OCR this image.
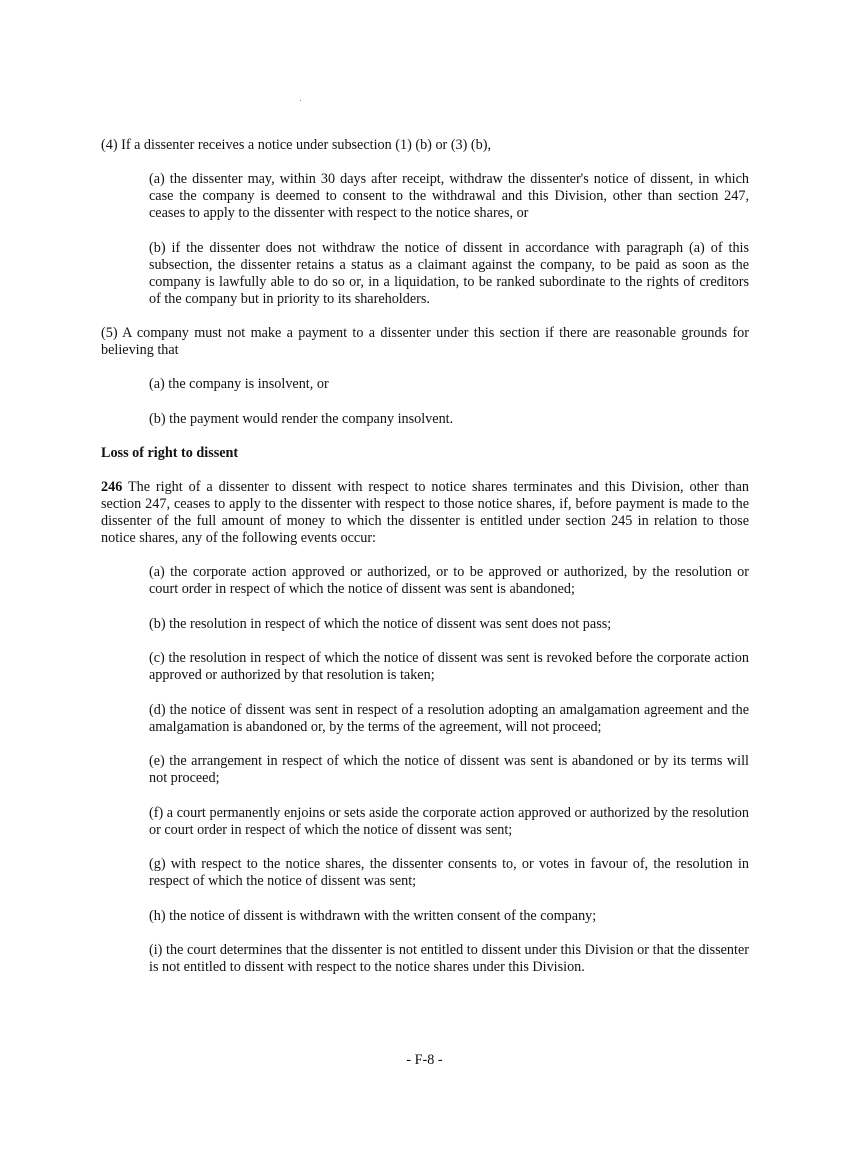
(4) If a dissenter receives a notice under subsection (1) (b) or (3) (b),

(a) the dissenter may, within 30 days after receipt, withdraw the dissenter's notice of dissent, in which case the company is deemed to consent to the withdrawal and this Division, other than section 247, ceases to apply to the dissenter with respect to the notice shares, or

(b) if the dissenter does not withdraw the notice of dissent in accordance with paragraph (a) of this subsection, the dissenter retains a status as a claimant against the company, to be paid as soon as the company is lawfully able to do so or, in a liquidation, to be ranked subordinate to the rights of creditors of the company but in priority to its shareholders.

(5) A company must not make a payment to a dissenter under this section if there are reasonable grounds for believing that

(a) the company is insolvent, or

(b) the payment would render the company insolvent.

Loss of right to dissent

246 The right of a dissenter to dissent with respect to notice shares terminates and this Division, other than section 247, ceases to apply to the dissenter with respect to those notice shares, if, before payment is made to the dissenter of the full amount of money to which the dissenter is entitled under section 245 in relation to those notice shares, any of the following events occur:

(a) the corporate action approved or authorized, or to be approved or authorized, by the resolution or court order in respect of which the notice of dissent was sent is abandoned;

(b) the resolution in respect of which the notice of dissent was sent does not pass;

(c) the resolution in respect of which the notice of dissent was sent is revoked before the corporate action approved or authorized by that resolution is taken;

(d) the notice of dissent was sent in respect of a resolution adopting an amalgamation agreement and the amalgamation is abandoned or, by the terms of the agreement, will not proceed;

(e) the arrangement in respect of which the notice of dissent was sent is abandoned or by its terms will not proceed;

(f) a court permanently enjoins or sets aside the corporate action approved or authorized by the resolution or court order in respect of which the notice of dissent was sent;

(g) with respect to the notice shares, the dissenter consents to, or votes in favour of, the resolution in respect of which the notice of dissent was sent;

(h) the notice of dissent is withdrawn with the written consent of the company;

(i) the court determines that the dissenter is not entitled to dissent under this Division or that the dissenter is not entitled to dissent with respect to the notice shares under this Division.

- F-8 -
